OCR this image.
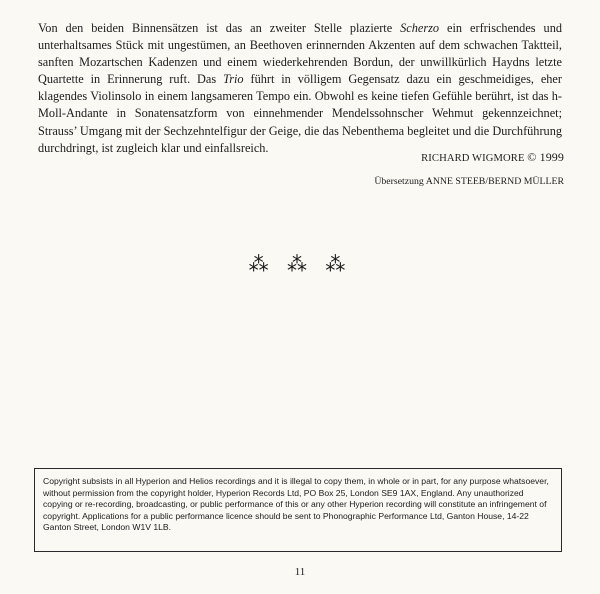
Von den beiden Binnensätzen ist das an zweiter Stelle plazierte Scherzo ein erfrischendes und unterhaltsames Stück mit ungestümen, an Beethoven erinnernden Akzenten auf dem schwachen Taktteil, sanften Mozartschen Kadenzen und einem wiederkehrenden Bordun, der unwillkürlich Haydns letzte Quartette in Erinnerung ruft. Das Trio führt in völligem Gegensatz dazu ein geschmeidiges, eher klagendes Violinsolo in einem langsameren Tempo ein. Obwohl es keine tiefen Gefühle berührt, ist das h-Moll-Andante in Sonatensatzform von einnehmender Mendelssohnscher Wehmut gekennzeichnet; Strauss’ Umgang mit der Sechzehntelfigur der Geige, die das Nebenthema begleitet und die Durchführung durchdringt, ist zugleich klar und einfallsreich.

RICHARD WIGMORE © 1999
Übersetzung ANNE STEEB/BERND MÜLLER
⁂ ⁂ ⁂
Copyright subsists in all Hyperion and Helios recordings and it is illegal to copy them, in whole or in part, for any purpose whatsoever, without permission from the copyright holder, Hyperion Records Ltd, PO Box 25, London SE9 1AX, England. Any unauthorized copying or re-recording, broadcasting, or public performance of this or any other Hyperion recording will constitute an infringement of copyright. Applications for a public performance licence should be sent to Phonographic Performance Ltd, Ganton House, 14-22 Ganton Street, London W1V 1LB.
11
